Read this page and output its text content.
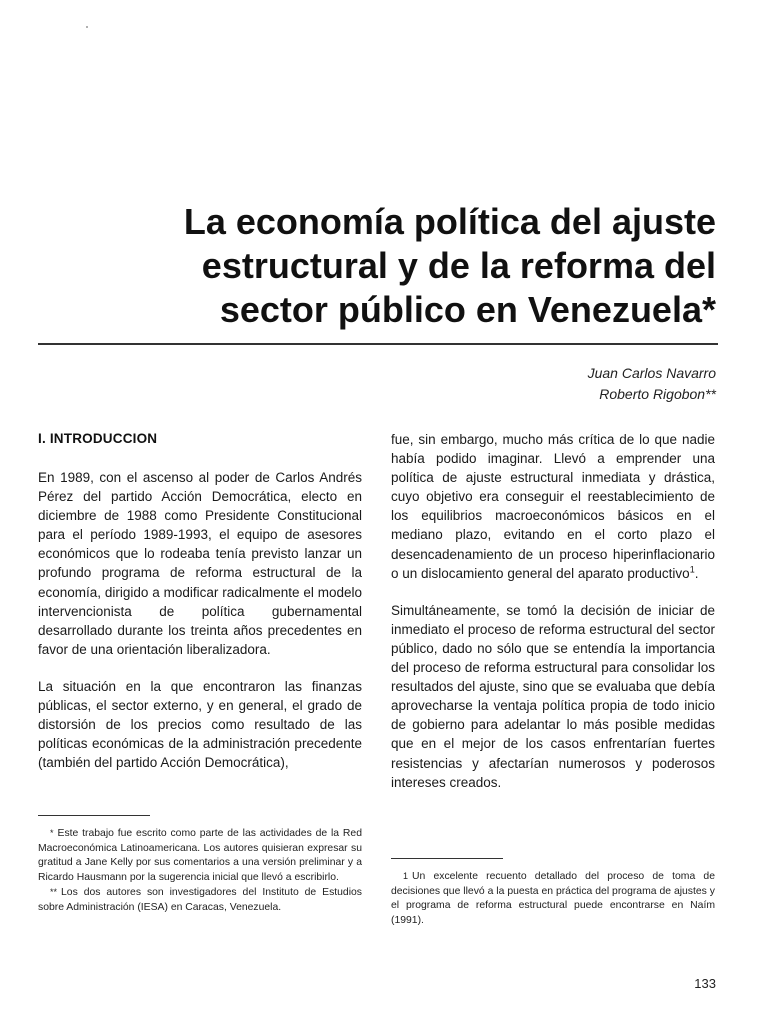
La economía política del ajuste
estructural y de la reforma del
sector público en Venezuela*
Juan Carlos Navarro
Roberto Rigobon**
I. INTRODUCCION

En 1989, con el ascenso al poder de Carlos Andrés Pérez del partido Acción Democrática, electo en diciembre de 1988 como Presidente Constitucional para el período 1989-1993, el equipo de asesores económicos que lo rodeaba tenía previsto lanzar un profundo programa de reforma estructural de la economía, dirigido a modificar radicalmente el modelo intervencionista de política gubernamental desarrollado durante los treinta años precedentes en favor de una orientación liberalizadora.

La situación en la que encontraron las finanzas públicas, el sector externo, y en general, el grado de distorsión de los precios como resultado de las políticas económicas de la administración precedente (también del partido Acción Democrática),

fue, sin embargo, mucho más crítica de lo que nadie había podido imaginar. Llevó a emprender una política de ajuste estructural inmediata y drástica, cuyo objetivo era conseguir el reestablecimiento de los equilibrios macroeconómicos básicos en el mediano plazo, evitando en el corto plazo el desencadenamiento de un proceso hiperinflacionario o un dislocamiento general del aparato productivo$^1$.

Simultáneamente, se tomó la decisión de iniciar de inmediato el proceso de reforma estructural del sector público, dado no sólo que se entendía la importancia del proceso de reforma estructural para consolidar los resultados del ajuste, sino que se evaluaba que debía aprovecharse la ventaja política propia de todo inicio de gobierno para adelantar lo más posible medidas que en el mejor de los casos enfrentarían fuertes resistencias y afectarían numerosos y poderosos intereses creados.

* Este trabajo fue escrito como parte de las actividades de la Red Macroeconómica Latinoamericana. Los autores quisieran expresar su gratitud a Jane Kelly por sus comentarios a una versión preliminar y a Ricardo Hausmann por la sugerencia inicial que llevó a escribirlo.

** Los dos autores son investigadores del Instituto de Estudios sobre Administración (IESA) en Caracas, Venezuela.

1 Un excelente recuento detallado del proceso de toma de decisiones que llevó a la puesta en práctica del programa de ajustes y el programa de reforma estructural puede encontrarse en Naím (1991).

133
